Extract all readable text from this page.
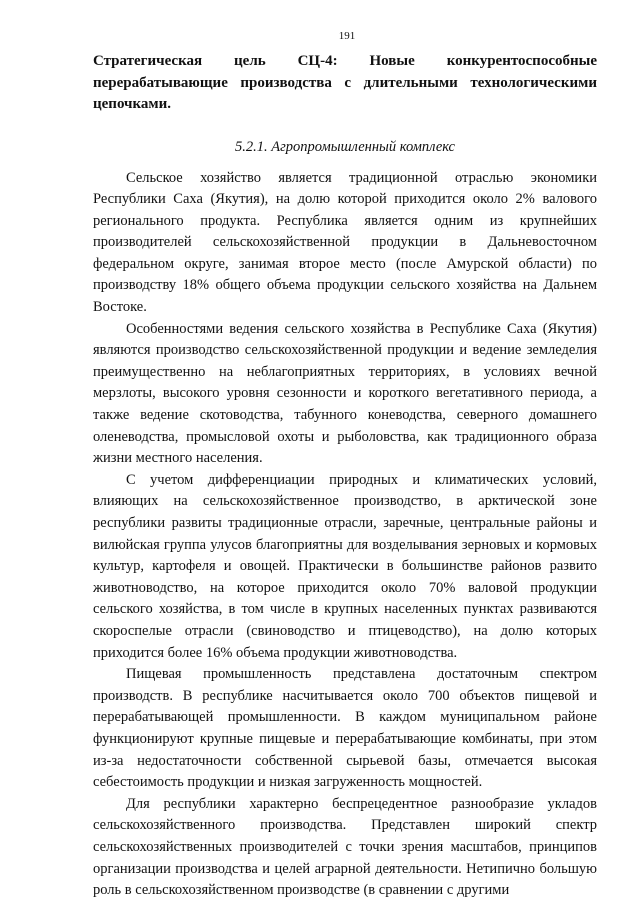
191
Стратегическая цель СЦ-4: Новые конкурентоспособные перерабатывающие производства с длительными технологическими цепочками.
5.2.1. Агропромышленный комплекс

Сельское хозяйство является традиционной отраслью экономики Республики Саха (Якутия), на долю которой приходится около 2% валового регионального продукта. Республика является одним из крупнейших производителей сельскохозяйственной продукции в Дальневосточном федеральном округе, занимая второе место (после Амурской области) по производству 18% общего объема продукции сельского хозяйства на Дальнем Востоке.

Особенностями ведения сельского хозяйства в Республике Саха (Якутия) являются производство сельскохозяйственной продукции и ведение земледелия преимущественно на неблагоприятных территориях, в условиях вечной мерзлоты, высокого уровня сезонности и короткого вегетативного периода, а также ведение скотоводства, табунного коневодства, северного домашнего оленеводства, промысловой охоты и рыболовства, как традиционного образа жизни местного населения.

С учетом дифференциации природных и климатических условий, влияющих на сельскохозяйственное производство, в арктической зоне республики развиты традиционные отрасли, заречные, центральные районы и вилюйская группа улусов благоприятны для возделывания зерновых и кормовых культур, картофеля и овощей. Практически в большинстве районов развито животноводство, на которое приходится около 70% валовой продукции сельского хозяйства, в том числе в крупных населенных пунктах развиваются скороспелые отрасли (свиноводство и птицеводство), на долю которых приходится более 16% объема продукции животноводства.

Пищевая промышленность представлена достаточным спектром производств. В республике насчитывается около 700 объектов пищевой и перерабатывающей промышленности. В каждом муниципальном районе функционируют крупные пищевые и перерабатывающие комбинаты, при этом из-за недостаточности собственной сырьевой базы, отмечается высокая себестоимость продукции и низкая загруженность мощностей.

Для республики характерно беспрецедентное разнообразие укладов сельскохозяйственного производства. Представлен широкий спектр сельскохозяйственных производителей с точки зрения масштабов, принципов организации производства и целей аграрной деятельности. Нетипично большую роль в сельскохозяйственном производстве (в сравнении с другими
